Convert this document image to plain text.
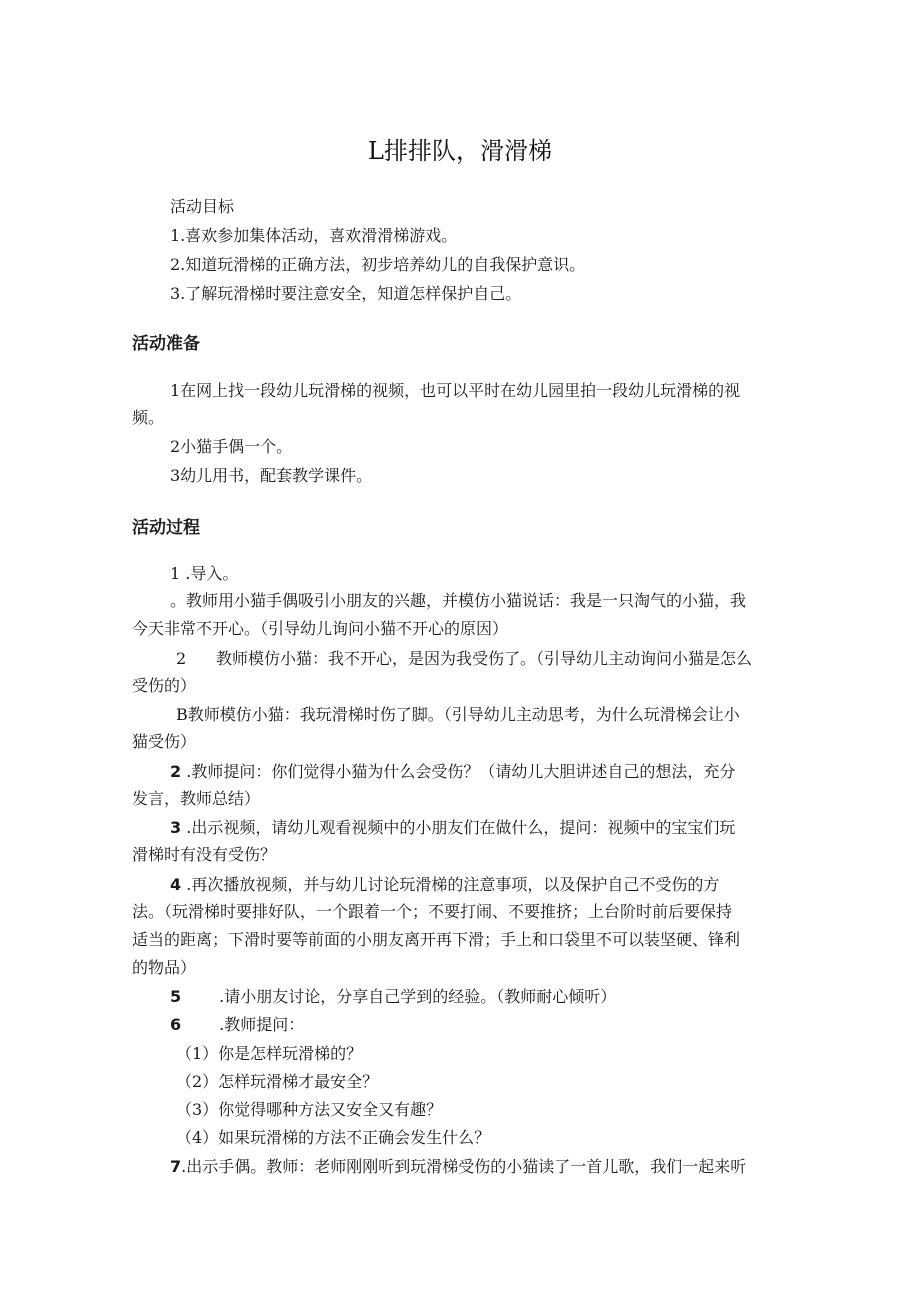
L排排队，滑滑梯
活动目标
1.喜欢参加集体活动，喜欢滑滑梯游戏。
2.知道玩滑梯的正确方法，初步培养幼儿的自我保护意识。
3.了解玩滑梯时要注意安全，知道怎样保护自己。
活动准备
1在网上找一段幼儿玩滑梯的视频，也可以平时在幼儿园里拍一段幼儿玩滑梯的视
频。
2小猫手偶一个。
3幼儿用书，配套教学课件。
活动过程
1 .导入。
。教师用小猫手偶吸引小朋友的兴趣，并模仿小猫说话：我是一只淘气的小猫，我
今天非常不开心。（引导幼儿询问小猫不开心的原因）
2 教师模仿小猫：我不开心，是因为我受伤了。（引导幼儿主动询问小猫是怎么
受伤的）
B教师模仿小猫：我玩滑梯时伤了脚。（引导幼儿主动思考，为什么玩滑梯会让小
猫受伤）
2 .教师提问：你们觉得小猫为什么会受伤？（请幼儿大胆讲述自己的想法，充分
发言，教师总结）
3 .出示视频，请幼儿观看视频中的小朋友们在做什么，提问：视频中的宝宝们玩
滑梯时有没有受伤？
4 .再次播放视频，并与幼儿讨论玩滑梯的注意事项，以及保护自己不受伤的方
法。（玩滑梯时要排好队，一个跟着一个；不要打闹、不要推挤；上台阶时前后要保持
适当的距离；下滑时要等前面的小朋友离开再下滑；手上和口袋里不可以装坚硬、锋利
的物品）
5 .请小朋友讨论，分享自己学到的经验。（教师耐心倾听）
6 .教师提问：
（1）你是怎样玩滑梯的？
（2）怎样玩滑梯才最安全？
（3）你觉得哪种方法又安全又有趣？
（4）如果玩滑梯的方法不正确会发生什么？
7.出示手偶。教师：老师刚刚听到玩滑梯受伤的小猫读了一首儿歌，我们一起来听
